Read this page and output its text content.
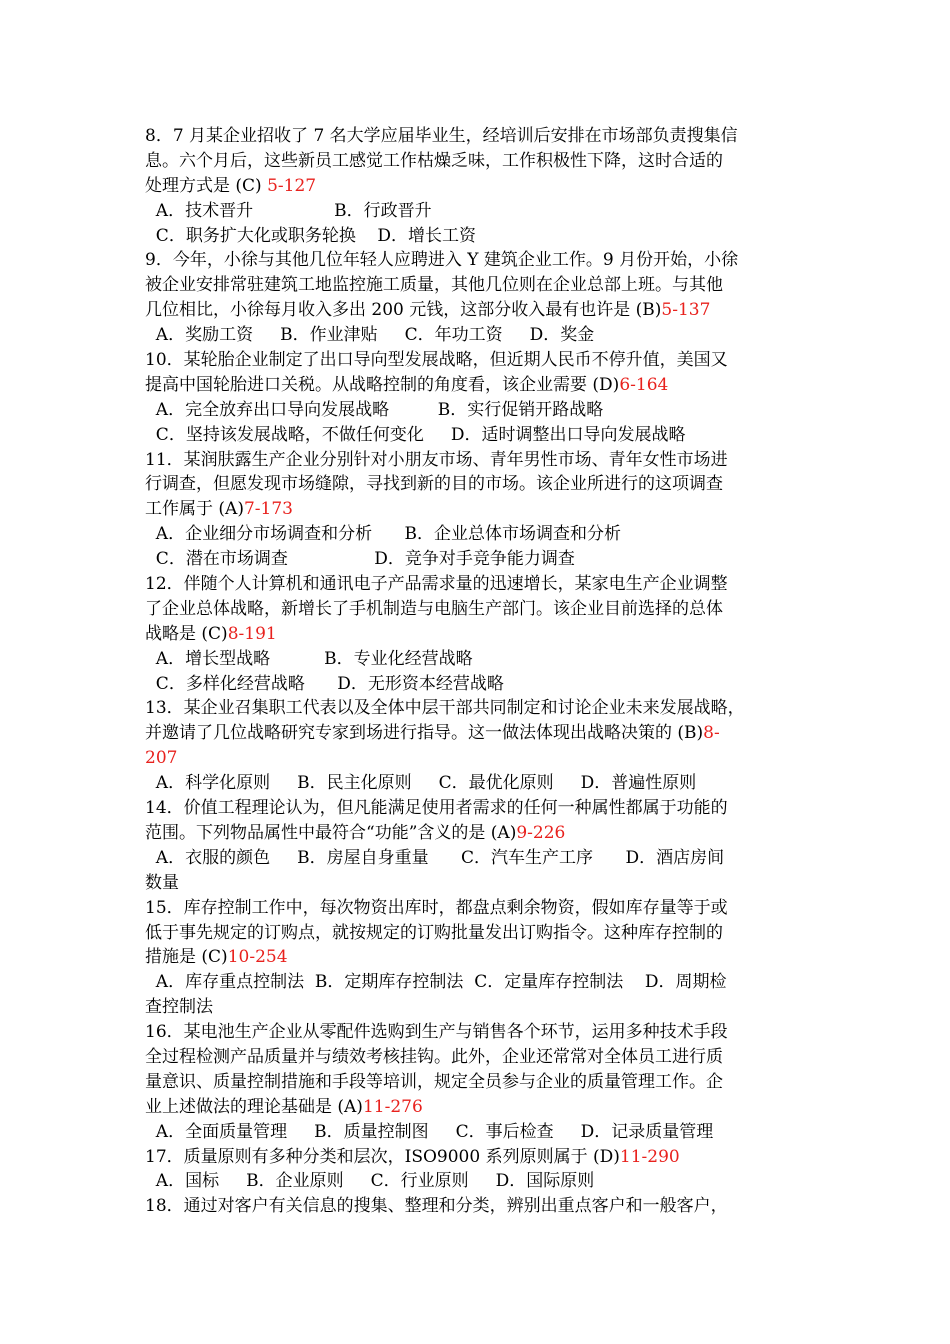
8．7 月某企业招收了 7 名大学应届毕业生，经培训后安排在市场部负责搜集信
息。六个月后，这些新员工感觉工作枯燥乏味，工作积极性下降，这时合适的
处理方式是 (C) 5-127
A．技术晋升               B．行政晋升
C．职务扩大化或职务轮换    D．增长工资
9．今年，小徐与其他几位年轻人应聘进入 Y 建筑企业工作。9 月份开始，小徐
被企业安排常驻建筑工地监控施工质量，其他几位则在企业总部上班。与其他
几位相比，小徐每月收入多出 200 元钱，这部分收入最有也许是 (B)5-137
A．奖励工资     B．作业津贴     C．年功工资     D．奖金
10．某轮胎企业制定了出口导向型发展战略，但近期人民币不停升值，美国又
提高中国轮胎进口关税。从战略控制的角度看，该企业需要 (D)6-164
A．完全放弃出口导向发展战略         B．实行促销开路战略
C．坚持该发展战略，不做任何变化     D．适时调整出口导向发展战略
11．某润肤露生产企业分别针对小朋友市场、青年男性市场、青年女性市场进
行调查，但愿发现市场缝隙，寻找到新的目的市场。该企业所进行的这项调查
工作属于 (A)7-173
A．企业细分市场调查和分析      B．企业总体市场调查和分析
C．潜在市场调查                D．竞争对手竞争能力调查
12．伴随个人计算机和通讯电子产品需求量的迅速增长，某家电生产企业调整
了企业总体战略，新增长了手机制造与电脑生产部门。该企业目前选择的总体
战略是 (C)8-191
A．增长型战略          B．专业化经营战略
C．多样化经营战略      D．无形资本经营战略
13．某企业召集职工代表以及全体中层干部共同制定和讨论企业未来发展战略，
并邀请了几位战略研究专家到场进行指导。这一做法体现出战略决策的 (B)8-
207
A．科学化原则     B．民主化原则     C．最优化原则     D．普遍性原则
14．价值工程理论认为，但凡能满足使用者需求的任何一种属性都属于功能的
范围。下列物品属性中最符合“功能”含义的是 (A)9-226
A．衣服的颜色     B．房屋自身重量      C．汽车生产工序      D．酒店房间
数量
15．库存控制工作中，每次物资出库时，都盘点剩余物资，假如库存量等于或
低于事先规定的订购点，就按规定的订购批量发出订购指令。这种库存控制的
措施是 (C)10-254
A．库存重点控制法  B．定期库存控制法  C．定量库存控制法    D．周期检
查控制法
16．某电池生产企业从零配件选购到生产与销售各个环节，运用多种技术手段
全过程检测产品质量并与绩效考核挂钩。此外，企业还常常对全体员工进行质
量意识、质量控制措施和手段等培训，规定全员参与企业的质量管理工作。企
业上述做法的理论基础是 (A)11-276
A．全面质量管理     B．质量控制图     C．事后检查     D．记录质量管理
17．质量原则有多种分类和层次，ISO9000 系列原则属于 (D)11-290
A．国标     B．企业原则     C．行业原则     D．国际原则
18．通过对客户有关信息的搜集、整理和分类，辨别出重点客户和一般客户，
